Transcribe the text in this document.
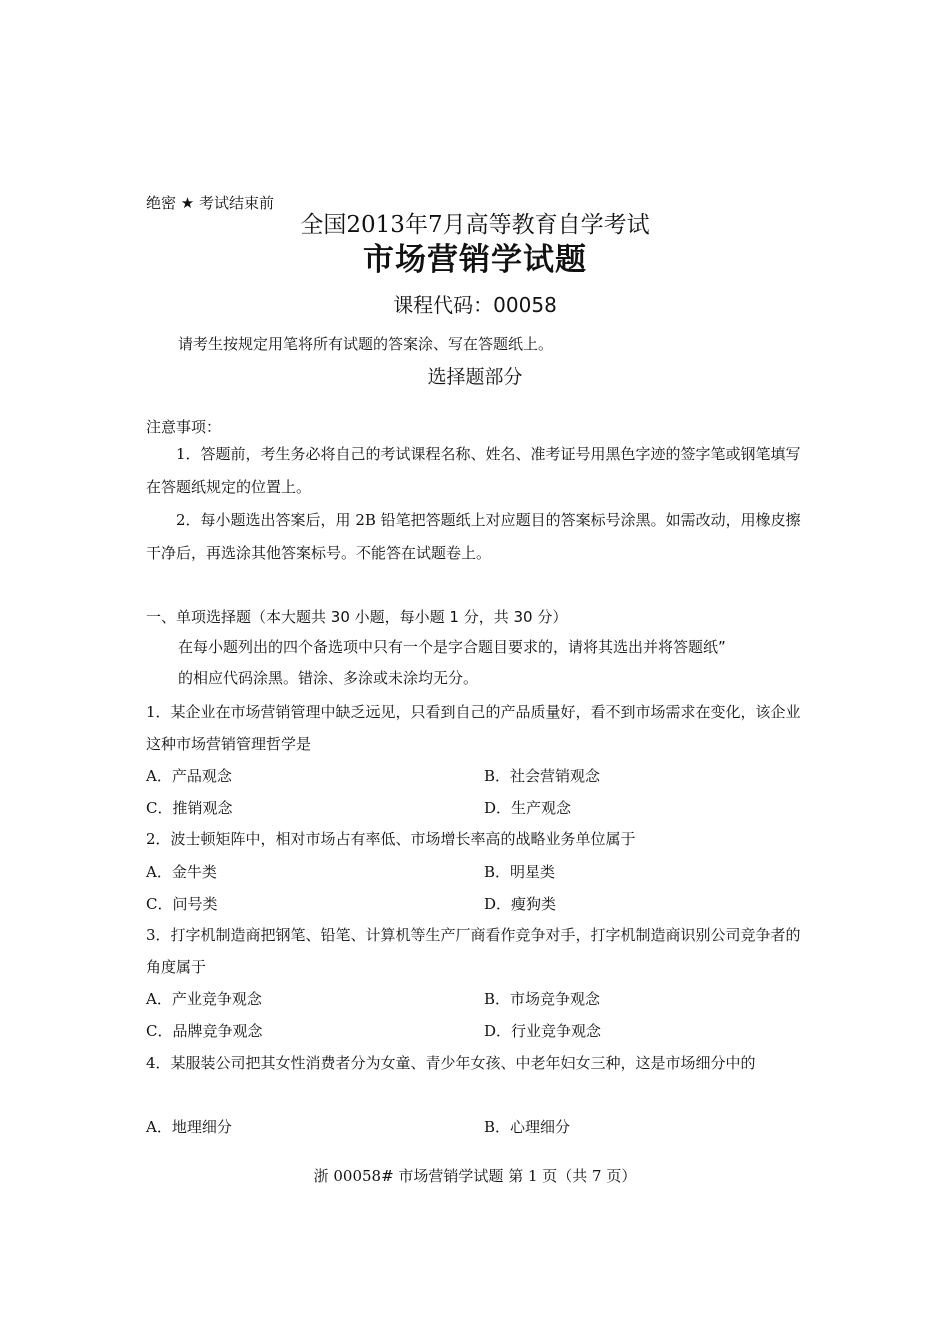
绝密 ★ 考试结束前
全国2013年7月高等教育自学考试
市场营销学试题
课程代码：00058
请考生按规定用笔将所有试题的答案涂、写在答题纸上。
选择题部分
注意事项：
1．答题前，考生务必将自己的考试课程名称、姓名、准考证号用黑色字迹的签字笔或钢笔填写在答题纸规定的位置上。
2．每小题选出答案后，用 2B 铅笔把答题纸上对应题目的答案标号涂黑。如需改动，用橡皮擦干净后，再选涂其他答案标号。不能答在试题卷上。
一、单项选择题（本大题共 30 小题，每小题 1 分，共 30 分）
在每小题列出的四个备选项中只有一个是字合题目要求的，请将其选出并将答题纸”
的相应代码涂黑。错涂、多涂或未涂均无分。
1．某企业在市场营销管理中缺乏远见，只看到自己的产品质量好，看不到市场需求在变化，该企业这种市场营销管理哲学是
A．产品观念	B．社会营销观念
C．推销观念	D．生产观念
2．波士顿矩阵中，相对市场占有率低、市场增长率高的战略业务单位属于
A．金牛类	B．明星类
C．问号类	D．瘦狗类
3．打字机制造商把钢笔、铅笔、计算机等生产厂商看作竞争对手，打字机制造商识别公司竞争者的角度属于
A．产业竞争观念	B．市场竞争观念
C．品牌竞争观念	D．行业竞争观念
4．某服装公司把其女性消费者分为女童、青少年女孩、中老年妇女三种，这是市场细分中的
A．地理细分	B．心理细分
浙 00058# 市场营销学试题 第 1 页（共 7 页）
